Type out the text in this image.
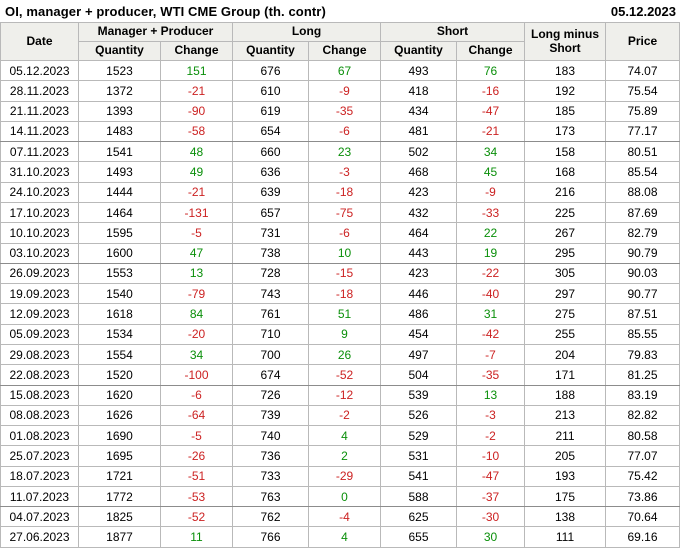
OI, manager + producer, WTI CME Group (th. contr)	05.12.2023
Date	Manager + Producer		Long		Short		Long minus Short	Price
	Quantity	Change	Quantity	Change	Quantity	Change		
05.12.2023	1523	151	676	67	493	76	183	74.07
28.11.2023	1372	-21	610	-9	418	-16	192	75.54
21.11.2023	1393	-90	619	-35	434	-47	185	75.89
14.11.2023	1483	-58	654	-6	481	-21	173	77.17
07.11.2023	1541	48	660	23	502	34	158	80.51
31.10.2023	1493	49	636	-3	468	45	168	85.54
24.10.2023	1444	-21	639	-18	423	-9	216	88.08
17.10.2023	1464	-131	657	-75	432	-33	225	87.69
10.10.2023	1595	-5	731	-6	464	22	267	82.79
03.10.2023	1600	47	738	10	443	19	295	90.79
26.09.2023	1553	13	728	-15	423	-22	305	90.03
19.09.2023	1540	-79	743	-18	446	-40	297	90.77
12.09.2023	1618	84	761	51	486	31	275	87.51
05.09.2023	1534	-20	710	9	454	-42	255	85.55
29.08.2023	1554	34	700	26	497	-7	204	79.83
22.08.2023	1520	-100	674	-52	504	-35	171	81.25
15.08.2023	1620	-6	726	-12	539	13	188	83.19
08.08.2023	1626	-64	739	-2	526	-3	213	82.82
01.08.2023	1690	-5	740	4	529	-2	211	80.58
25.07.2023	1695	-26	736	2	531	-10	205	77.07
18.07.2023	1721	-51	733	-29	541	-47	193	75.42
11.07.2023	1772	-53	763	0	588	-37	175	73.86
04.07.2023	1825	-52	762	-4	625	-30	138	70.64
27.06.2023	1877	11	766	4	655	30	111	69.16
